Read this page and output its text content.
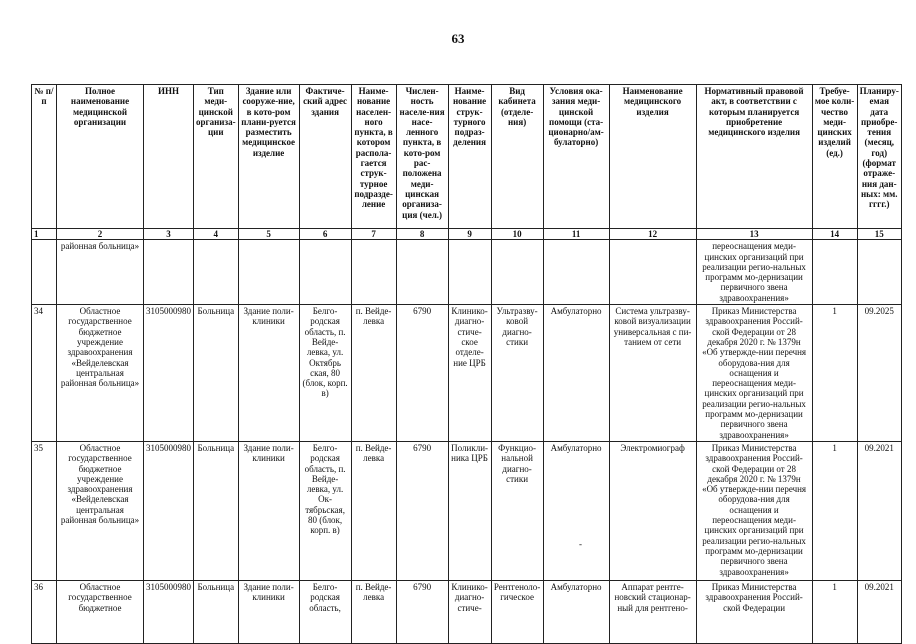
63
№ п/п	Полное наименование медицинской организации	ИНН	Тип меди-цинской организа-ции	Здание или сооруже-ние, в кото-ром плани-руется разместить медицинское изделие	Фактиче-ский адрес здания	Наиме-нование населен-ного пункта, в котором распола-гается струк-турное подразде-ление	Числен-ность населе-ния насе-ленного пункта, в кото-ром рас-положена меди-цинская организа-ция (чел.)	Наиме-нование струк-турного подраз-деления	Вид кабинета (отделе-ния)	Условия ока-зания меди-цинской помощи (ста-ционарно/ам-булаторно)	Наименование медицинского изделия	Нормативный правовой акт, в соответствии с которым планируется приобретение медицинского изделия	Требуе-мое коли-чество меди-цинских изделий (ед.)	Планиру-емая дата приобре-тения (месяц, год) (формат отраже-ния дан-ных: мм. гггг.)
1	2	3	4	5	6	7	8	9	10	11	12	13	14	15
	районная больница»											переоснащения меди-цинских организаций при реализации регио-нальных программ мо-дернизации первичного звена здравоохранения»		
34	Областное государственное бюджетное учреждение здравоохранения «Вейделевская центральная районная больница»	3105000980	Больница	Здание поли-клиники	Белго-родская область, п. Вейде-левка, ул. Октябрь ская, 80 (блок, корп. в)	п. Вейде-левка	6790	Клинико-диагно-стиче-ское отделе-ние ЦРБ	Ультразву-ковой диагно-стики	Амбулаторно	Система ультразву-ковой визуализации универсальная с пи-танием от сети	Приказ Министерства здравоохранения Россий-ской Федерации от 28 декабря 2020 г. № 1379н «Об утвержде-нии перечня оборудова-ния для оснащения и переоснащения меди-цинских организаций при реализации регио-нальных программ мо-дернизации первичного звена здравоохранения»	1	09.2025
35	Областное государственное бюджетное учреждение здравоохранения «Вейделевская центральная районная больница»	3105000980	Больница	Здание поли-клиники	Белго-родская область, п. Вейде-левка, ул. Ок-тябрьская, 80 (блок, корп. в)	п. Вейде-левка	6790	Поликли-ника ЦРБ	Функцио-нальной диагно-стики	Амбулаторно	Электромиограф	Приказ Министерства здравоохранения Россий-ской Федерации от 28 декабря 2020 г. № 1379н «Об утвержде-нии перечня оборудова-ния для оснащения и переоснащения меди-цинских организаций при реализации регио-нальных программ мо-дернизации первичного звена здравоохранения»	1	09.2021
36	Областное государственное бюджетное	3105000980	Больница	Здание поли-клиники	Белго-родская область,	п. Вейде-левка	6790	Клинико-диагно-стиче-	Рентгеноло-гическое	Амбулаторно	Аппарат рентге-новский стационар-ный для рентгено-	Приказ Министерства здравоохранения Россий-ской Федерации	1	09.2021
-
